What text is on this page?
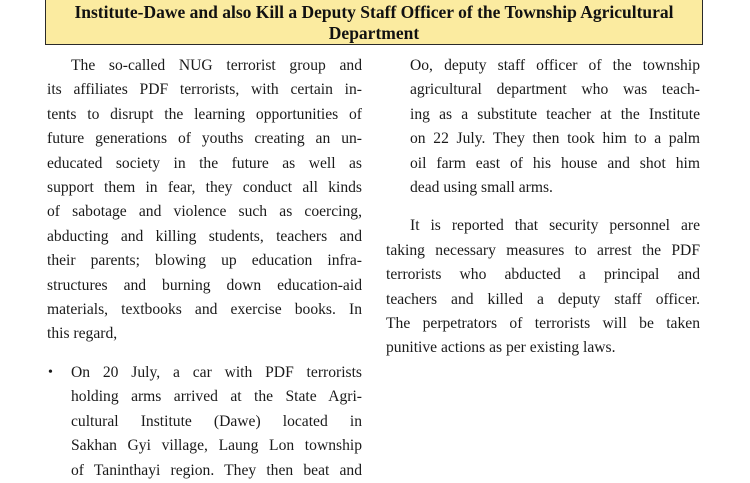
Institute-Dawe and also Kill a Deputy Staff Officer of the Township Agricultural
Department

The so-called NUG terrorist group and
its affiliates PDF terrorists, with certain in-
tents to disrupt the learning opportunities of
future generations of youths creating an un-
educated society in the future as well as
support them in fear, they conduct all kinds
of sabotage and violence such as coercing,
abducting and killing students, teachers and
their parents; blowing up education infra-
structures and burning down education-aid
materials, textbooks and exercise books. In
this regard,

• On 20 July, a car with PDF terrorists
holding arms arrived at the State Agri-
cultural Institute (Dawe) located in
Sakhan Gyi village, Laung Lon township
of Taninthayi region. They then beat and

Oo, deputy staff officer of the township
agricultural department who was teach-
ing as a substitute teacher at the Institute
on 22 July. They then took him to a palm
oil farm east of his house and shot him
dead using small arms.

It is reported that security personnel are
taking necessary measures to arrest the PDF
terrorists who abducted a principal and
teachers and killed a deputy staff officer.
The perpetrators of terrorists will be taken
punitive actions as per existing laws.
